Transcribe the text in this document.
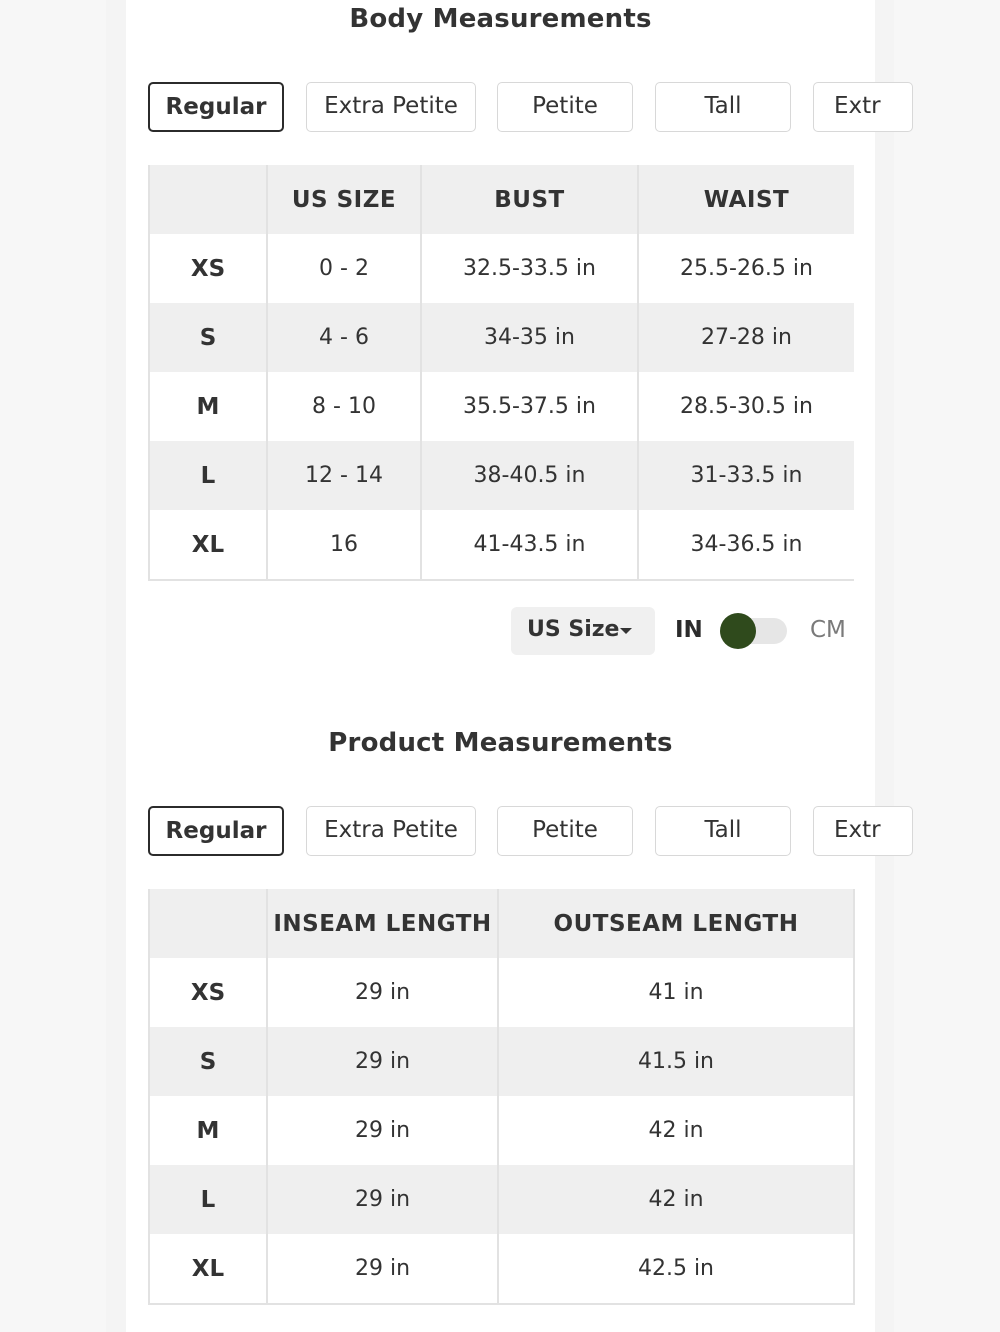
Body Measurements
Regular	Extra Petite	Petite	Tall	Extr
	US SIZE	BUST	WAIST
XS	0 - 2	32.5-33.5 in	25.5-26.5 in
S	4 - 6	34-35 in	27-28 in
M	8 - 10	35.5-37.5 in	28.5-30.5 in
L	12 - 14	38-40.5 in	31-33.5 in
XL	16	41-43.5 in	34-36.5 in
US Size	IN	CM
Product Measurements
Regular	Extra Petite	Petite	Tall	Extr
	INSEAM LENGTH	OUTSEAM LENGTH
XS	29 in	41 in
S	29 in	41.5 in
M	29 in	42 in
L	29 in	42 in
XL	29 in	42.5 in
